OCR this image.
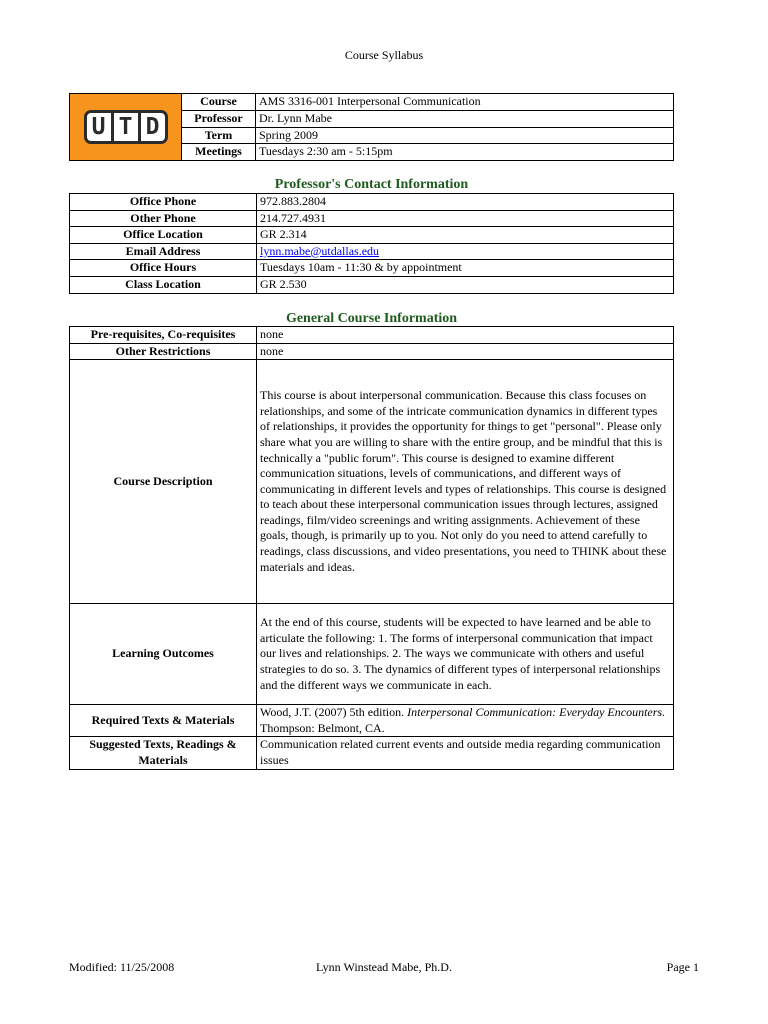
Course Syllabus
U T D	Course	AMS 3316-001 Interpersonal Communication
	Professor	Dr. Lynn Mabe
	Term	Spring 2009
	Meetings	Tuesdays 2:30 am - 5:15pm
Professor's Contact Information
Office Phone	972.883.2804
Other Phone	214.727.4931
Office Location	GR 2.314
Email Address	lynn.mabe@utdallas.edu
Office Hours	Tuesdays 10am - 11:30 & by appointment
Class Location	GR 2.530
General Course Information
Pre-requisites, Co-requisites	none
Other Restrictions	none
Course Description	This course is about interpersonal communication. Because this class focuses on relationships, and some of the intricate communication dynamics in different types of relationships, it provides the opportunity for things to get "personal". Please only share what you are willing to share with the entire group, and be mindful that this is technically a "public forum". This course is designed to examine different communication situations, levels of communications, and different ways of communicating in different levels and types of relationships. This course is designed to teach about these interpersonal communication issues through lectures, assigned readings, film/video screenings and writing assignments. Achievement of these goals, though, is primarily up to you. Not only do you need to attend carefully to readings, class discussions, and video presentations, you need to THINK about these materials and ideas.
Learning Outcomes	At the end of this course, students will be expected to have learned and be able to articulate the following: 1. The forms of interpersonal communication that impact our lives and relationships. 2. The ways we communicate with others and useful strategies to do so. 3. The dynamics of different types of interpersonal relationships and the different ways we communicate in each.
Required Texts & Materials	Wood, J.T. (2007) 5th edition. Interpersonal Communication: Everyday Encounters. Thompson: Belmont, CA.
Suggested Texts, Readings & Materials	Communication related current events and outside media regarding communication issues
Lynn Winstead Mabe, Ph.D.
Modified: 11/25/2008	Page 1
